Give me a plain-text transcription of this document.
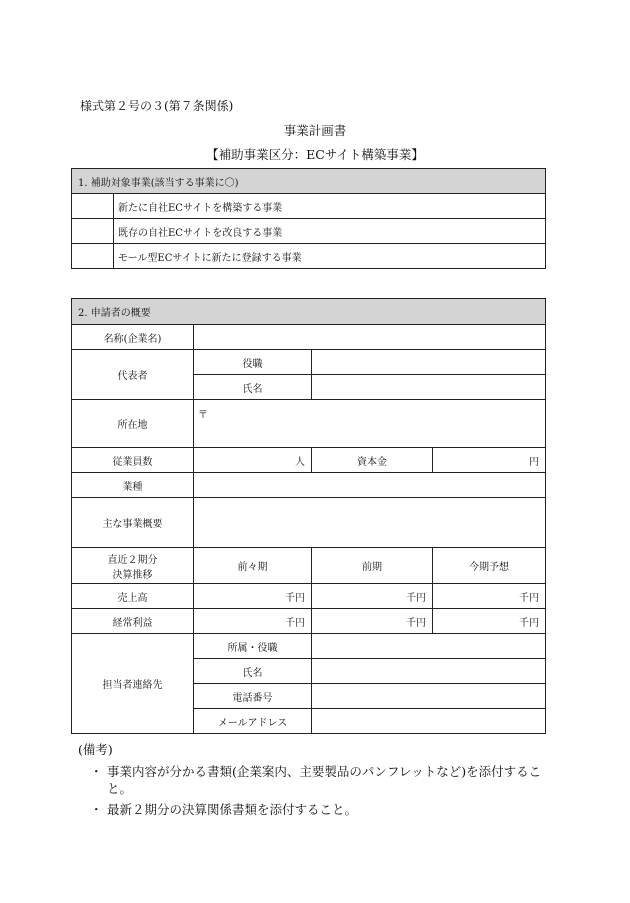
様式第２号の３(第７条関係)
事業計画書
【補助事業区分：ECサイト構築事業】
1. 補助対象事業(該当する事業に〇)	
	新たに自社ECサイトを構築する事業
	既存の自社ECサイトを改良する事業
	モール型ECサイトに新たに登録する事業
2. 申請者の概要			
名称(企業名)			
代表者	役職		
	氏名		
所在地	〒		
従業員数	人	資本金	円
業種			
主な事業概要			
直近２期分
決算推移	前々期	前期	今期予想
売上高	千円	千円	千円
経常利益	千円	千円	千円
担当者連絡先	所属・役職		
	氏名		
	電話番号		
	メールアドレス		
(備考)
・ 事業内容が分かる書類(企業案内、主要製品のパンフレットなど)を添付すること。
・ 最新２期分の決算関係書類を添付すること。
